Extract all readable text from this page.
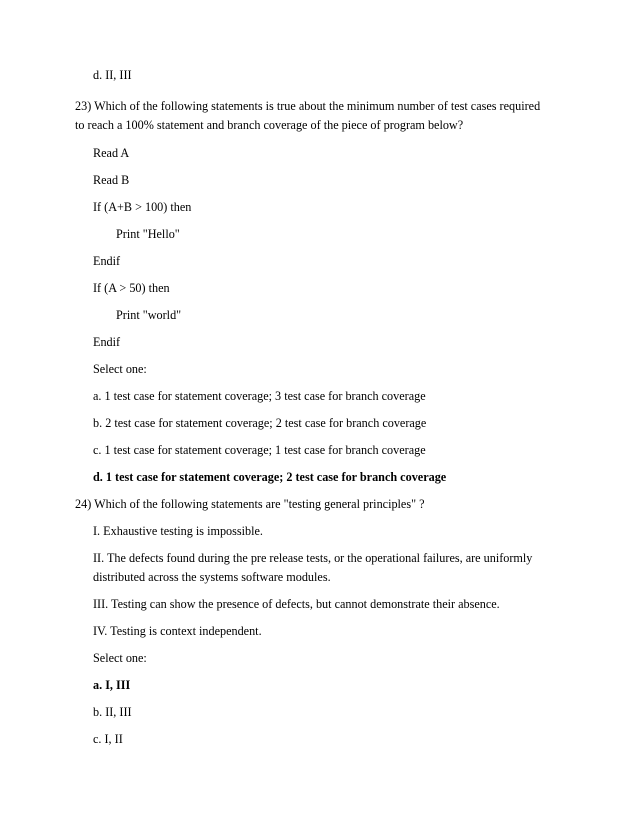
d. II, III
23) Which of the following statements is true about the minimum number of test cases required
to reach a 100% statement and branch coverage of the piece of program below?
Read A
Read B
If (A+B > 100) then
Print "Hello"
Endif
If (A > 50) then
Print "world"
Endif
Select one:
a. 1 test case for statement coverage; 3 test case for branch coverage
b. 2 test case for statement coverage; 2 test case for branch coverage
c. 1 test case for statement coverage; 1 test case for branch coverage
d. 1 test case for statement coverage; 2 test case for branch coverage
24) Which of the following statements are "testing general principles" ?
I. Exhaustive testing is impossible.
II. The defects found during the pre release tests, or the operational failures, are uniformly
distributed across the systems software modules.
III. Testing can show the presence of defects, but cannot demonstrate their absence.
IV. Testing is context independent.
Select one:
a. I, III
b. II, III
c. I, II
